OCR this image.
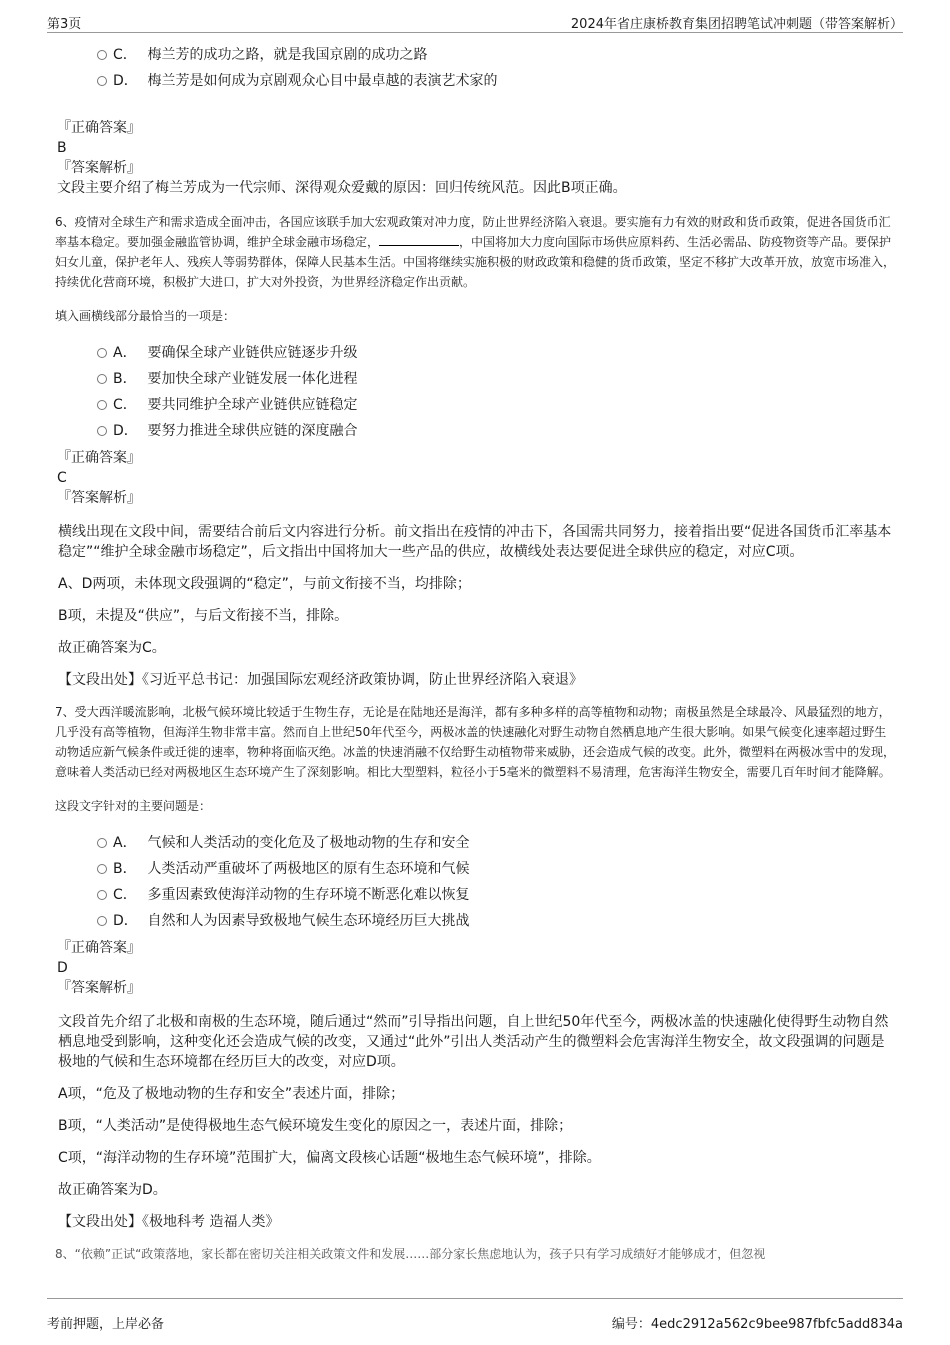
第3页	2024年省庄康桥教育集团招聘笔试冲刺题（带答案解析）
C． 梅兰芳的成功之路，就是我国京剧的成功之路
D． 梅兰芳是如何成为京剧观众心目中最卓越的表演艺术家的
『正确答案』
B
『答案解析』
文段主要介绍了梅兰芳成为一代宗师、深得观众爱戴的原因：回归传统风范。因此B项正确。
6、疫情对全球生产和需求造成全面冲击，各国应该联手加大宏观政策对冲力度，防止世界经济陷入衰退。要实施有力有效的财政和货币政策，促进各国货币汇率基本稳定。要加强金融监管协调，维护全球金融市场稳定，	，中国将加大力度向国际市场供应原料药、生活必需品、防疫物资等产品。要保护妇女儿童，保护老年人、残疾人等弱势群体，保障人民基本生活。中国将继续实施积极的财政政策和稳健的货币政策，坚定不移扩大改革开放，放宽市场准入，持续优化营商环境，积极扩大进口，扩大对外投资，为世界经济稳定作出贡献。
填入画横线部分最恰当的一项是：
A． 要确保全球产业链供应链逐步升级
B． 要加快全球产业链发展一体化进程
C． 要共同维护全球产业链供应链稳定
D． 要努力推进全球供应链的深度融合
『正确答案』
C
『答案解析』
横线出现在文段中间，需要结合前后文内容进行分析。前文指出在疫情的冲击下，各国需共同努力，接着指出要“促进各国货币汇率基本稳定”“维护全球金融市场稳定”，后文指出中国将加大一些产品的供应，故横线处表达要促进全球供应的稳定，对应C项。
A、D两项，未体现文段强调的“稳定”，与前文衔接不当，均排除；
B项，未提及“供应”，与后文衔接不当，排除。
故正确答案为C。
【文段出处】《习近平总书记：加强国际宏观经济政策协调，防止世界经济陷入衰退》
7、受大西洋暖流影响，北极气候环境比较适于生物生存，无论是在陆地还是海洋，都有多种多样的高等植物和动物；南极虽然是全球最冷、风最猛烈的地方，几乎没有高等植物，但海洋生物非常丰富。然而自上世纪50年代至今，两极冰盖的快速融化对野生动物自然栖息地产生很大影响。如果气候变化速率超过野生动物适应新气候条件或迁徙的速率，物种将面临灭绝。冰盖的快速消融不仅给野生动植物带来威胁，还会造成气候的改变。此外，微塑料在两极冰雪中的发现，意味着人类活动已经对两极地区生态环境产生了深刻影响。相比大型塑料，粒径小于5毫米的微塑料不易清理，危害海洋生物安全，需要几百年时间才能降解。
这段文字针对的主要问题是：
A． 气候和人类活动的变化危及了极地动物的生存和安全
B． 人类活动严重破坏了两极地区的原有生态环境和气候
C． 多重因素致使海洋动物的生存环境不断恶化难以恢复
D． 自然和人为因素导致极地气候生态环境经历巨大挑战
『正确答案』
D
『答案解析』
文段首先介绍了北极和南极的生态环境，随后通过“然而”引导指出问题，自上世纪50年代至今，两极冰盖的快速融化使得野生动物自然栖息地受到影响，这种变化还会造成气候的改变，又通过“此外”引出人类活动产生的微塑料会危害海洋生物安全，故文段强调的问题是极地的气候和生态环境都在经历巨大的改变，对应D项。
A项，“危及了极地动物的生存和安全”表述片面，排除；
B项，“人类活动”是使得极地生态气候环境发生变化的原因之一，表述片面，排除；
C项，“海洋动物的生存环境”范围扩大，偏离文段核心话题“极地生态气候环境”，排除。
故正确答案为D。
【文段出处】《极地科考 造福人类》
8、“依赖”正试“政策落地，家长都在密切关注相关政策文件和发展……部分家长焦虑地认为，孩子只有学习成绩好才能够成才，但忽视
考前押题，上岸必备	编号：4edc2912a562c9bee987fbfc5add834a
